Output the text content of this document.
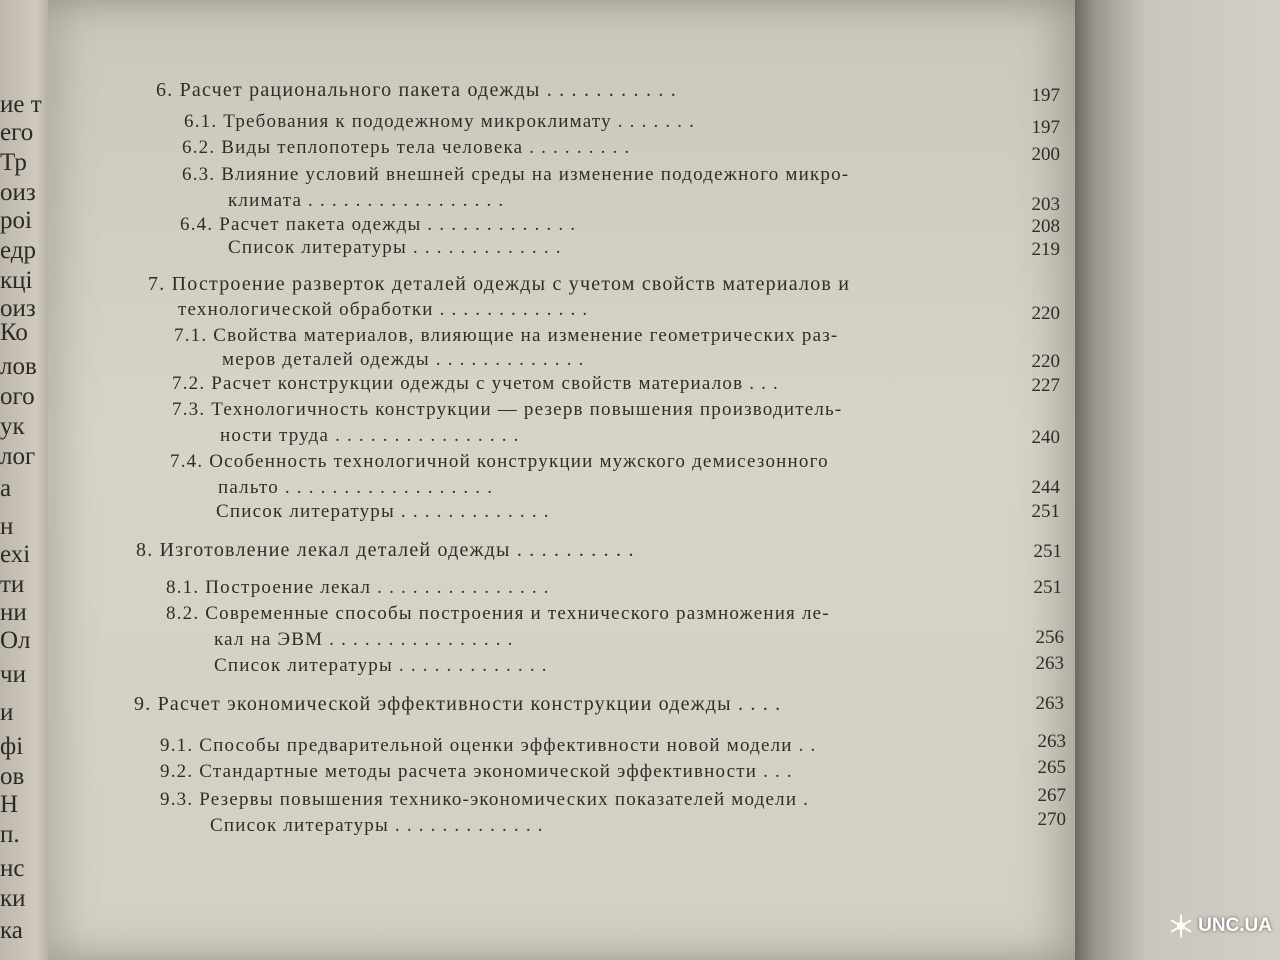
ие т
его
Тр
оиз
роі
едр
кці
оиз
Ко
лов
ого
ук
лог
а
н
ехі
ти
ни
Ол
чи
и
фі
ов
Н
п.
нс
ки
ка
6. Расчет рационального пакета одежды . . . . . . . . . . .	197
6.1. Требования к пододежному микроклимату . . . . . . .	197
6.2. Виды теплопотерь тела человека . . . . . . . . .	200
6.3. Влияние условий внешней среды на изменение пододежного микро-
климата . . . . . . . . . . . . . . . . .	203
6.4. Расчет пакета одежды . . . . . . . . . . . . .	208
Список литературы . . . . . . . . . . . . .	219
7. Построение разверток деталей одежды с учетом свойств материалов и
технологической обработки . . . . . . . . . . . . .	220
7.1. Свойства материалов, влияющие на изменение геометрических раз-
меров деталей одежды . . . . . . . . . . . . .	220
7.2. Расчет конструкции одежды с учетом свойств материалов . . .	227
7.3. Технологичность конструкции — резерв повышения производитель-
ности труда . . . . . . . . . . . . . . . .	240
7.4. Особенность технологичной конструкции мужского демисезонного
пальто . . . . . . . . . . . . . . . . . .	244
Список литературы . . . . . . . . . . . . .	251
8. Изготовление лекал деталей одежды . . . . . . . . . .	251
8.1. Построение лекал . . . . . . . . . . . . . . .	251
8.2. Современные способы построения и технического размножения ле-
кал на ЭВМ . . . . . . . . . . . . . . . .	256
Список литературы . . . . . . . . . . . . .	263
9. Расчет экономической эффективности конструкции одежды . . . .	263
9.1. Способы предварительной оценки эффективности новой модели . .	263
9.2. Стандартные методы расчета экономической эффективности . . .	265
9.3. Резервы повышения технико-экономических показателей модели .	267
Список литературы . . . . . . . . . . . . .	270
UNC.UA
